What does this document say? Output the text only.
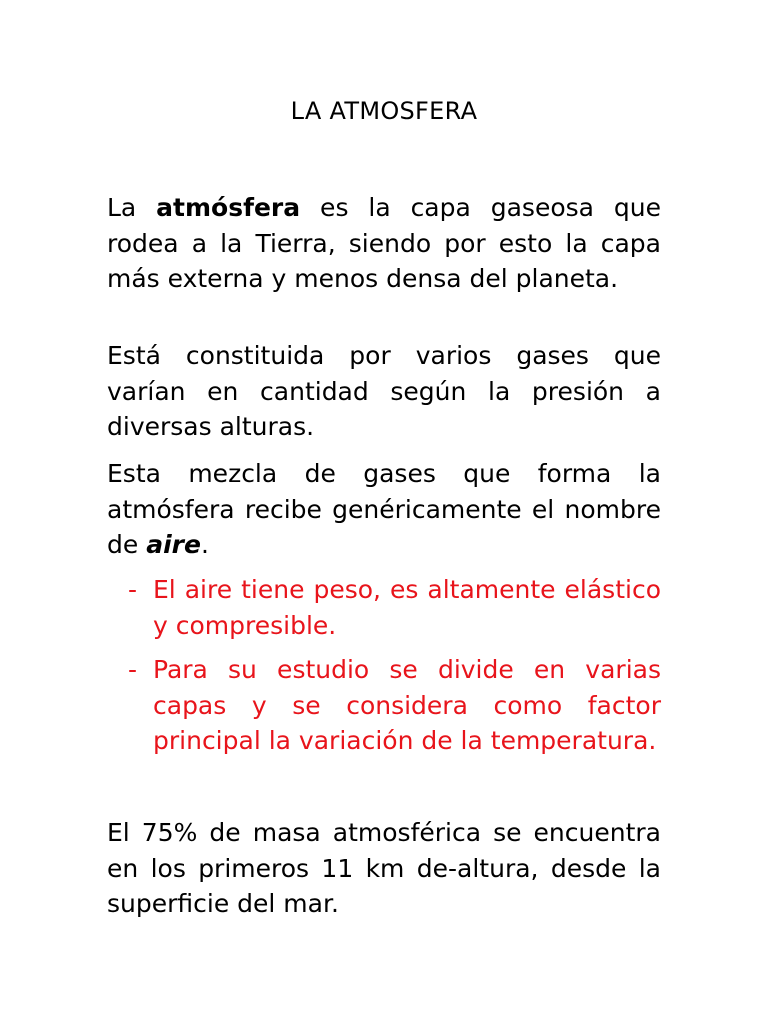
LA ATMOSFERA
La atmósfera es la capa gaseosa que rodea a la Tierra, siendo por esto la capa más externa y menos densa del planeta.
Está constituida por varios gases que varían en cantidad según la presión a diversas alturas.
Esta mezcla de gases que forma la atmósfera recibe genéricamente el nombre de aire.
- El aire tiene peso, es altamente elástico y compresible.
- Para su estudio se divide en varias capas y se considera como factor principal la variación de la temperatura.
El 75% de masa atmosférica se encuentra en los primeros 11 km de-altura, desde la superficie del mar.
